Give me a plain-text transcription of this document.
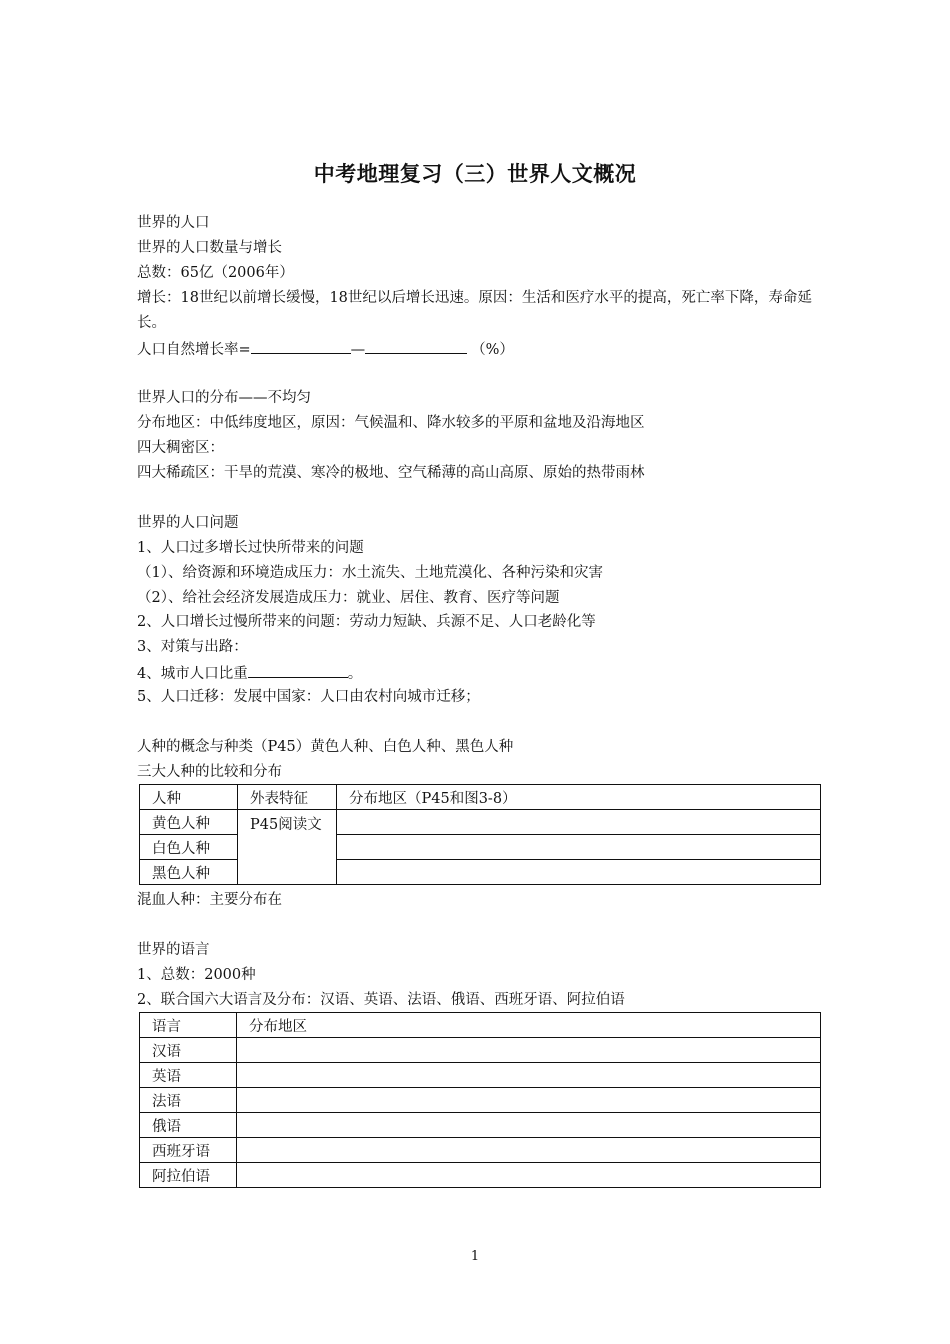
中考地理复习（三）世界人文概况
世界的人口
世界的人口数量与增长
总数：65亿（2006年）
增长：18世纪以前增长缓慢，18世纪以后增长迅速。原因：生活和医疗水平的提高，死亡率下降，寿命延长。
人口自然增长率=	—	（%）
世界人口的分布——不均匀
分布地区：中低纬度地区，原因：气候温和、降水较多的平原和盆地及沿海地区
四大稠密区：
四大稀疏区：干旱的荒漠、寒冷的极地、空气稀薄的高山高原、原始的热带雨林
世界的人口问题
1、人口过多增长过快所带来的问题
（1）、给资源和环境造成压力：水土流失、土地荒漠化、各种污染和灾害
（2）、给社会经济发展造成压力：就业、居住、教育、医疗等问题
2、人口增长过慢所带来的问题：劳动力短缺、兵源不足、人口老龄化等
3、对策与出路：
4、城市人口比重	。
5、人口迁移：发展中国家：人口由农村向城市迁移；
人种的概念与种类（P45）黄色人种、白色人种、黑色人种
三大人种的比较和分布
人种	外表特征	分布地区（P45和图3-8）
黄色人种	P45阅读文	
白色人种		
黑色人种		
混血人种：主要分布在
世界的语言
1、总数：2000种
2、联合国六大语言及分布：汉语、英语、法语、俄语、西班牙语、阿拉伯语
语言	分布地区
汉语	
英语	
法语	
俄语	
西班牙语	
阿拉伯语	
1
